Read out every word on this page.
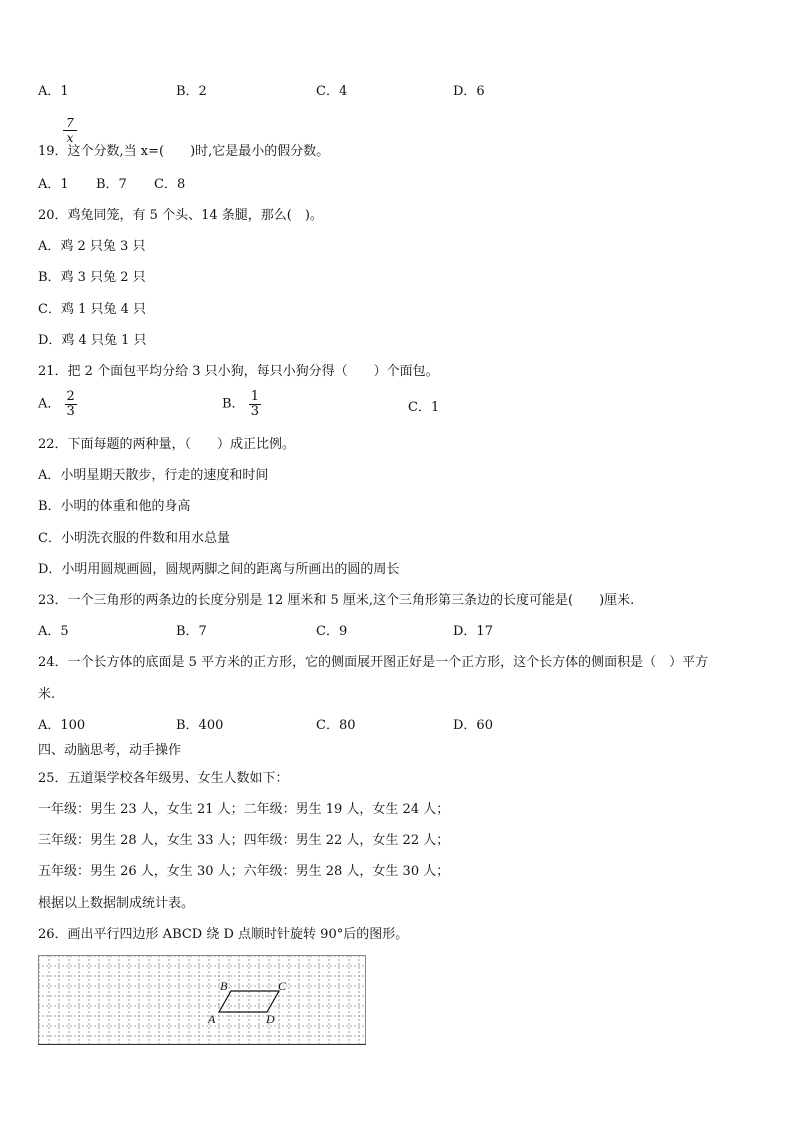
A．1	B．2	C．4	D．6
$\frac{7}{x}$
19．这个分数,当 x=(　　)时,它是最小的假分数。
A．1 B．7 C．8
20．鸡兔同笼，有 5 个头、14 条腿，那么(　)。
A．鸡 2 只兔 3 只
B．鸡 3 只兔 2 只
C．鸡 1 只兔 4 只
D．鸡 4 只兔 1 只
21．把 2 个面包平均分给 3 只小狗，每只小狗分得（　　）个面包。
A． $\frac{2}{3}$	B． $\frac{1}{3}$	C．1
22．下面每题的两种量，（　　）成正比例。
A．小明星期天散步，行走的速度和时间
B．小明的体重和他的身高
C．小明洗衣服的件数和用水总量
D．小明用圆规画圆，圆规两脚之间的距离与所画出的圆的周长
23．一个三角形的两条边的长度分别是 12 厘米和 5 厘米,这个三角形第三条边的长度可能是(　　)厘米.
A．5	B．7	C．9	D．17
24．一个长方体的底面是 5 平方米的正方形，它的侧面展开图正好是一个正方形，这个长方体的侧面积是（　）平方
米.
A．100	B．400	C．80	D．60
四、动脑思考，动手操作
25．五道渠学校各年级男、女生人数如下：
一年级：男生 23 人，女生 21 人；二年级：男生 19 人，女生 24 人；
三年级：男生 28 人，女生 33 人；四年级：男生 22 人，女生 22 人；
五年级：男生 26 人，女生 30 人；六年级：男生 28 人，女生 30 人；
根据以上数据制成统计表。
26．画出平行四边形 ABCD 绕 D 点顺时针旋转 90°后的图形。
B	C
A	D
